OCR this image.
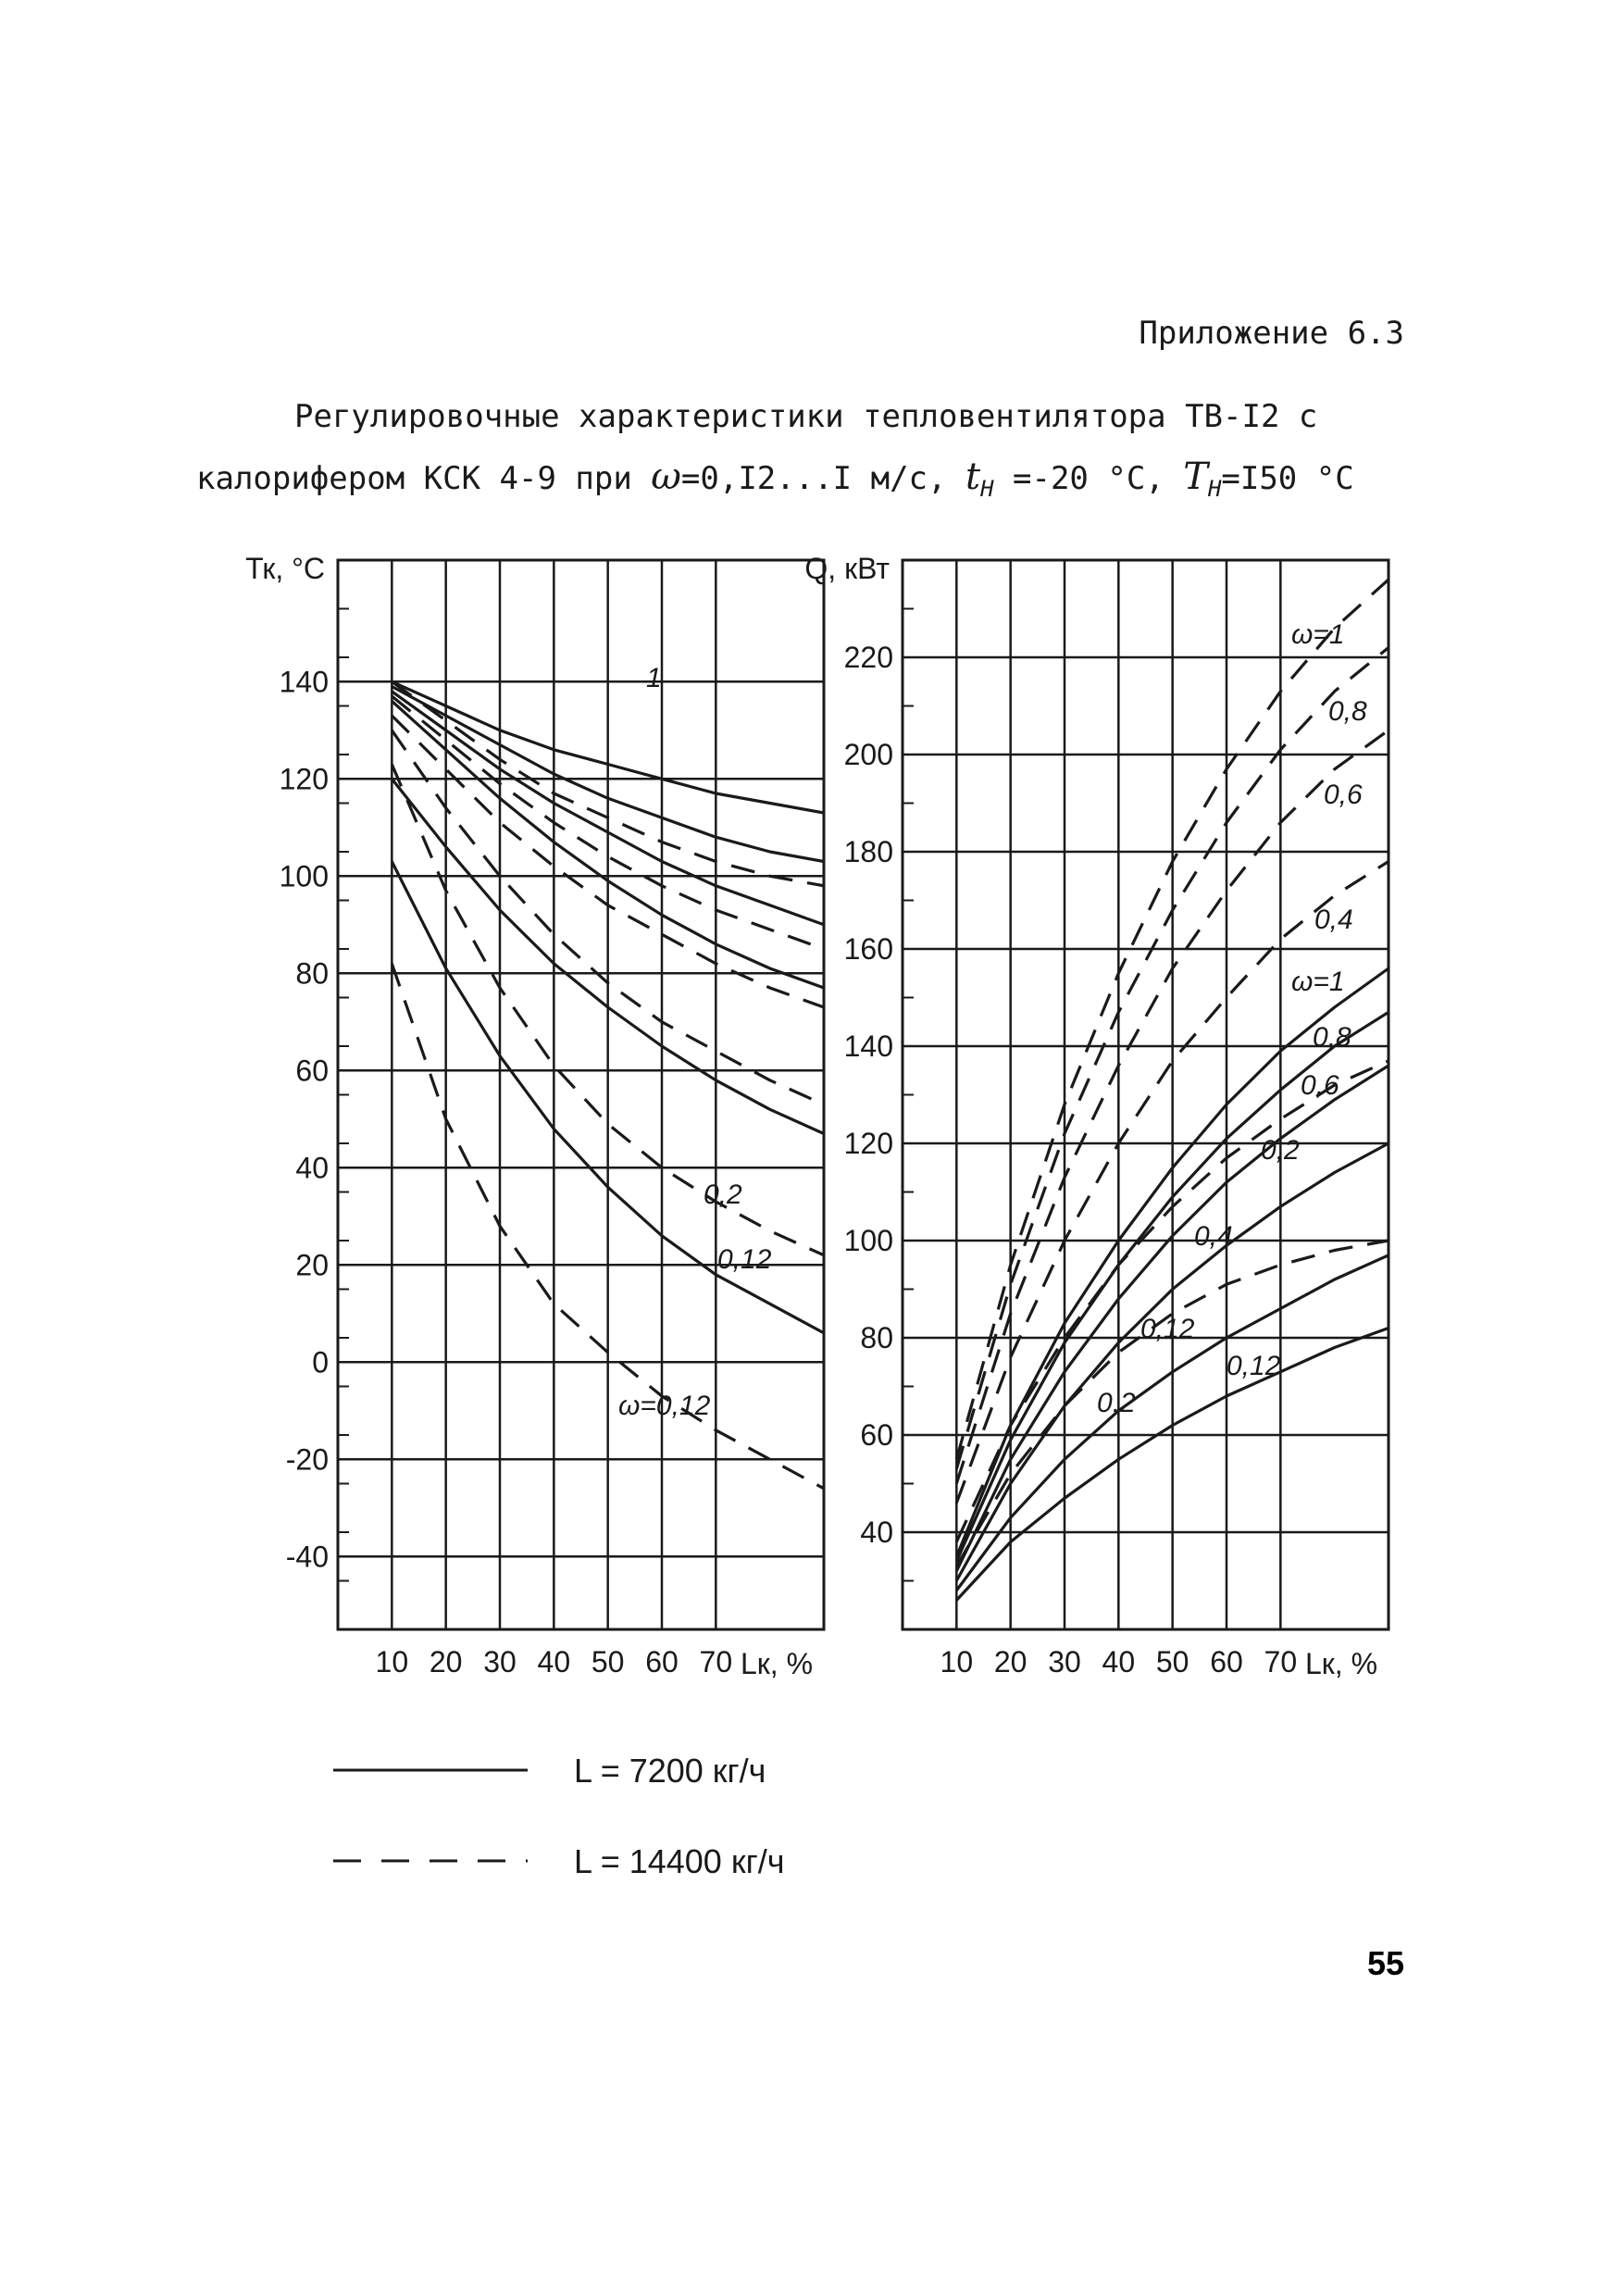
Приложение 6.3
Регулировочные характеристики тепловентилятора ТВ-I2 с
калорифером КСК 4-9 при ω=0,I2...I м/с, $t_Н =-20$ °С, $T_Н=I50$ °С
10 20 30 40 50 60 70
140
120
100
80
60
40
20
0
-20
-40
Тк, °С
Lк, %
1
0,2
0,12
ω=0,12
10 20 30 40 50 60 70
220
200
180
160
140
120
100
80
60
40
Q, кВт
Lк, %
ω=1
0,8
0,6
0,4
ω=1
0,8
0,6
0,2
0,4
0,12
0,2
0,12
L = 7200 кг/ч
L = 14400 кг/ч
55
